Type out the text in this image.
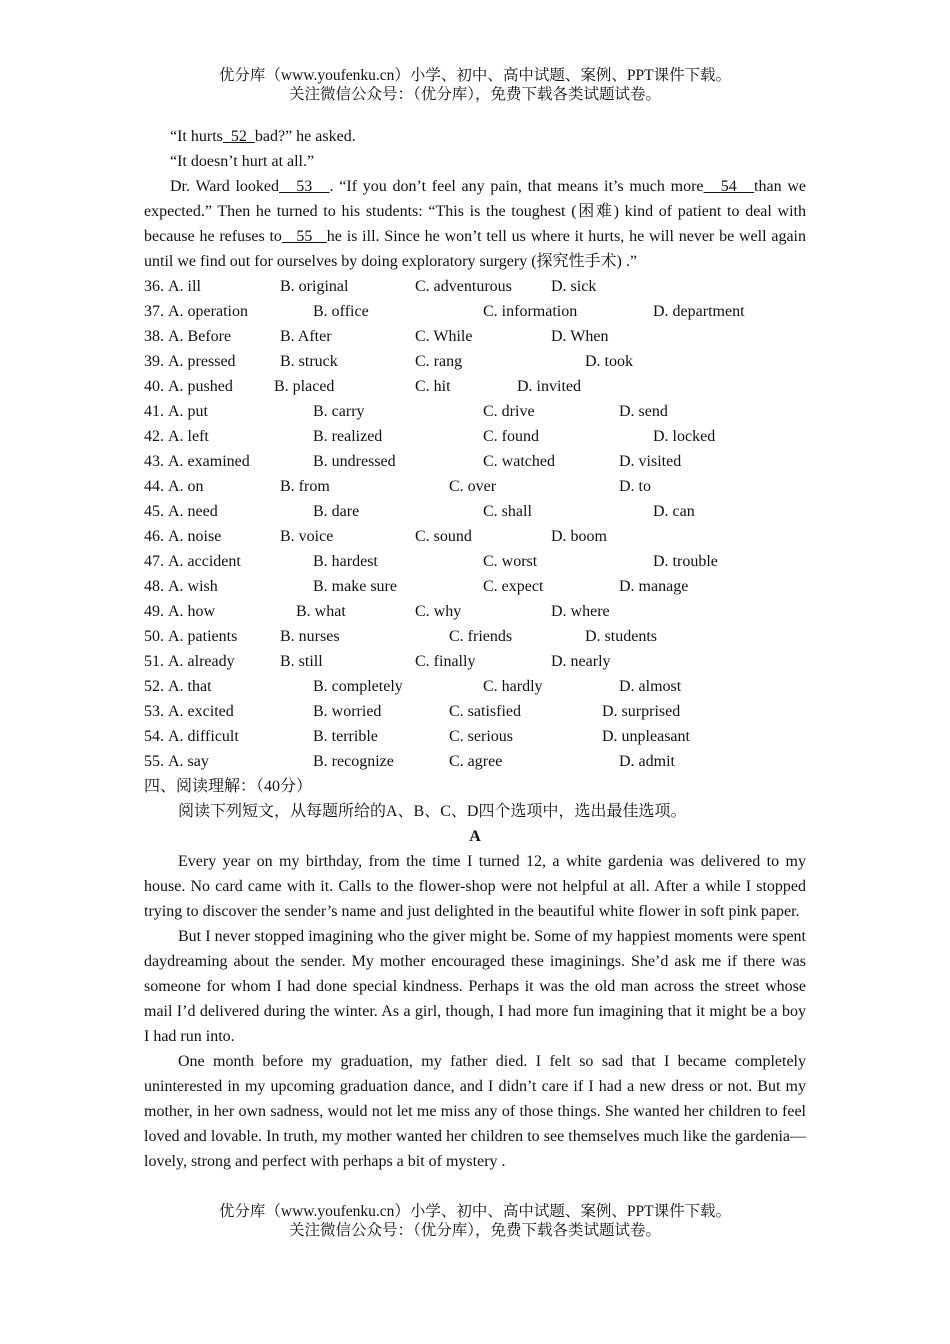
优分库（www.youfenku.cn）小学、初中、高中试题、案例、PPT课件下载。
关注微信公众号：（优分库），免费下载各类试题试卷。
“It hurts  52  bad?” he asked.
“It doesn’t hurt at all.”
Dr. Ward looked   53   . “If you don’t feel any pain, that means it’s much more   54   than we expected.” Then he turned to his students: “This is the toughest (困难) kind of patient to deal with because he refuses to   55   he is ill. Since he won’t tell us where it hurts, he will never be well again until we find out for ourselves by doing exploratory surgery (探究性手术) .”
36. A. ill	B. original	C. adventurous D. sick
37. A. operation	B. office	C. information	D. department
38. A. Before	B. After	C. While	D. When
39. A. pressed	B. struck	C. rang	D. took
40. A. pushed	B. placed	C. hit	D. invited
41. A. put	B. carry	C. drive	D. send
42. A. left	B. realized	C. found	D. locked
43. A. examined	B. undressed	C. watched	D. visited
44. A. on	B. from	C. over	D. to
45. A. need	B. dare	C. shall	D. can
46. A. noise	B. voice	C. sound	D. boom
47. A. accident	B. hardest	C. worst	D. trouble
48. A. wish	B. make sure	C. expect	D. manage
49. A. how	B. what	C. why	D. where
50. A. patients	B. nurses	C. friends	D. students
51. A. already	B. still	C. finally	D. nearly
52. A. that	B. completely	C. hardly	D. almost
53. A. excited	B. worried	C. satisfied	D. surprised
54. A. difficult	B. terrible	C. serious	D. unpleasant
55. A. say	B. recognize	C. agree	D. admit
四、阅读理解：（40分）
阅读下列短文，从每题所给的A、B、C、D四个选项中，选出最佳选项。
A
Every year on my birthday, from the time I turned 12, a white gardenia was delivered to my house. No card came with it. Calls to the flower-shop were not helpful at all. After a while I stopped trying to discover the sender’s name and just delighted in the beautiful white flower in soft pink paper.
But I never stopped imagining who the giver might be. Some of my happiest moments were spent daydreaming about the sender. My mother encouraged these imaginings. She’d ask me if there was someone for whom I had done special kindness. Perhaps it was the old man across the street whose mail I’d delivered during the winter. As a girl, though, I had more fun imagining that it might be a boy I had run into.
One month before my graduation, my father died. I felt so sad that I became completely uninterested in my upcoming graduation dance, and I didn’t care if I had a new dress or not. But my mother, in her own sadness, would not let me miss any of those things. She wanted her children to feel loved and lovable. In truth, my mother wanted her children to see themselves much like the gardenia—lovely, strong and perfect with perhaps a bit of mystery .
优分库（www.youfenku.cn）小学、初中、高中试题、案例、PPT课件下载。
关注微信公众号：（优分库），免费下载各类试题试卷。
